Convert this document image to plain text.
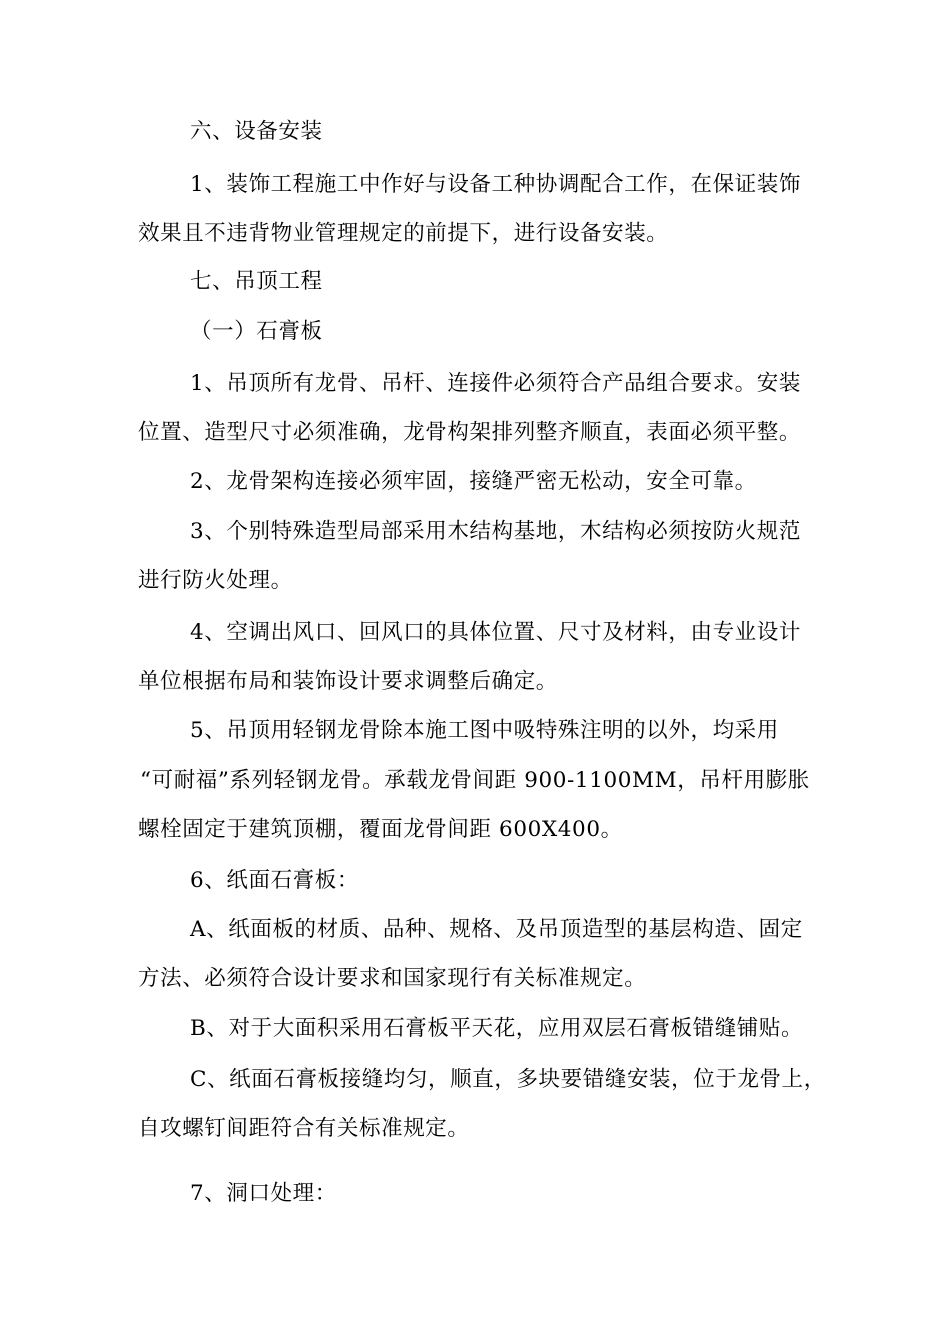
六、设备安装
1、装饰工程施工中作好与设备工种协调配合工作，在保证装饰
效果且不违背物业管理规定的前提下，进行设备安装。
七、吊顶工程
（一）石膏板
1、吊顶所有龙骨、吊杆、连接件必须符合产品组合要求。安装
位置、造型尺寸必须准确，龙骨构架排列整齐顺直，表面必须平整。
2、龙骨架构连接必须牢固，接缝严密无松动，安全可靠。
3、个别特殊造型局部采用木结构基地，木结构必须按防火规范
进行防火处理。
4、空调出风口、回风口的具体位置、尺寸及材料，由专业设计
单位根据布局和装饰设计要求调整后确定。
5、吊顶用轻钢龙骨除本施工图中吸特殊注明的以外，均采用
“可耐福”系列轻钢龙骨。承载龙骨间距 900-1100MM，吊杆用膨胀
螺栓固定于建筑顶棚，覆面龙骨间距 600X400。
6、纸面石膏板：
A、纸面板的材质、品种、规格、及吊顶造型的基层构造、固定
方法、必须符合设计要求和国家现行有关标准规定。
B、对于大面积采用石膏板平天花，应用双层石膏板错缝铺贴。
C、纸面石膏板接缝均匀，顺直，多块要错缝安装，位于龙骨上，
自攻螺钉间距符合有关标准规定。
7、洞口处理：
